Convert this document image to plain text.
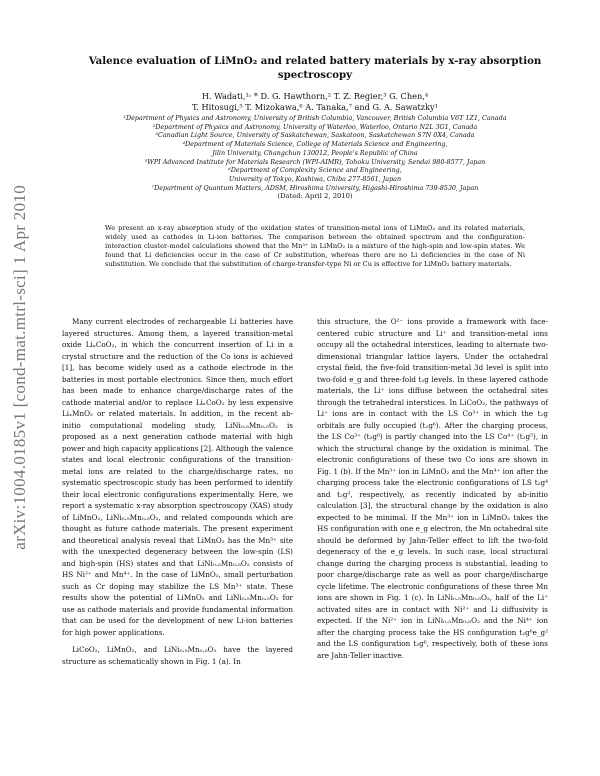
arXiv:1004.0185v1 [cond-mat.mtrl-sci] 1 Apr 2010
Valence evaluation of LiMnO₂ and related battery materials by x-ray absorption
spectroscopy
H. Wadati,¹˒ * D. G. Hawthorn,² T. Z. Regier,³ G. Chen,⁴
T. Hitosugi,⁵ T. Mizokawa,⁶ A. Tanaka,⁷ and G. A. Sawatzky¹
¹Department of Physics and Astronomy, University of British Columbia, Vancouver, British Columbia V6T 1Z1, Canada
²Department of Physics and Astronomy, University of Waterloo, Waterloo, Ontario N2L 3G1, Canada
³Canadian Light Source, University of Saskatchewan, Saskatoon, Saskatchewan S7N 0X4, Canada
⁴Department of Materials Science, College of Materials Science and Engineering,
Jilin University, Changchun 130012, People's Republic of China
⁵WPI Advanced Institute for Materials Research (WPI-AIMR), Tohoku University, Sendai 980-8577, Japan
⁶Department of Complexity Science and Engineering,
University of Tokyo, Kashiwa, Chiba 277-8561, Japan
⁷Department of Quantum Matters, ADSM, Hiroshima University, Higashi-Hiroshima 739-8530, Japan
(Dated: April 2, 2010)
We present an x-ray absorption study of the oxidation states of transition-metal ions of LiMnO₂ and its related materials, widely used as cathodes in Li-ion batteries. The comparison between the obtained spectrum and the configuration-interaction cluster-model calculations showed that the Mn³⁺ in LiMnO₂ is a mixture of the high-spin and low-spin states. We found that Li deficiencies occur in the case of Cr substitution, whereas there are no Li deficiencies in the case of Ni substitution. We conclude that the substitution of charge-transfer-type Ni or Cu is effective for LiMnO₂ battery materials.

Many current electrodes of rechargeable Li batteries have layered structures. Among them, a layered transition-metal oxide LiₓCoO₂, in which the concurrent insertion of Li in a crystal structure and the reduction of the Co ions is achieved [1], has become widely used as a cathode electrode in the batteries in most portable electronics. Since then, much effort has been made to enhance charge/discharge rates of the cathode material and/or to replace LiₓCoO₂ by less expensive LiₓMnO₂ or related materials. In addition, in the recent ab-initio computational modeling study, LiNi₀.₅Mn₀.₅O₂ is proposed as a next generation cathode material with high power and high capacity applications [2]. Although the valence states and local electronic configurations of the transition-metal ions are related to the charge/discharge rates, no systematic spectroscopic study has been performed to identify their local electronic configurations experimentally. Here, we report a systematic x-ray absorption spectroscopy (XAS) study of LiMnO₂, LiNi₀.₅Mn₀.₅O₂, and related compounds which are thought as future cathode materials. The present experiment and theoretical analysis reveal that LiMnO₂ has the Mn³⁺ site with the unexpected degeneracy between the low-spin (LS) and high-spin (HS) states and that LiNi₀.₅Mn₀.₅O₂ consists of HS Ni²⁺ and Mn⁴⁺. In the case of LiMnO₂, small perturbation such as Cr doping may stabilize the LS Mn³⁺ state. These results show the potential of LiMnO₂ and LiNi₀.₅Mn₀.₅O₂ for use as cathode materials and provide fundamental information that can be used for the development of new Li-ion batteries for high power applications.

LiCoO₂, LiMnO₂, and LiNi₀.₅Mn₀.₅O₂ have the layered structure as schematically shown in Fig. 1 (a). In

this structure, the O²⁻ ions provide a framework with face-centered cubic structure and Li⁺ and transition-metal ions occupy all the octahedral interstices, leading to alternate two-dimensional triangular lattice layers. Under the octahedral crystal field, the five-fold transition-metal 3d level is split into two-fold e_g and three-fold t₂g levels. In these layered cathode materials, the Li⁺ ions diffuse between the octahedral sites through the tetrahedral interstices. In LiCoO₂, the pathways of Li⁺ ions are in contact with the LS Co³⁺ in which the t₂g orbitals are fully occupied (t₂g⁶). After the charging process, the LS Co³⁺ (t₂g⁶) is partly changed into the LS Co⁴⁺ (t₂g⁵), in which the structural change by the oxidation is minimal. The electronic configurations of these two Co ions are shown in Fig. 1 (b). If the Mn³⁺ ion in LiMnO₂ and the Mn⁴⁺ ion after the charging process take the electronic configurations of LS t₂g⁴ and t₂g³, respectively, as recently indicated by ab-initio calculation [3], the structural change by the oxidation is also expected to be minimal. If the Mn³⁺ ion in LiMnO₂ takes the HS configuration with one e_g electron, the Mn octahedral site should be deformed by Jahn-Teller effect to lift the two-fold degeneracy of the e_g levels. In such case, local structural change during the charging process is substantial, leading to poor charge/discharge rate as well as poor charge/discharge cycle lifetime. The electronic configurations of these three Mn ions are shown in Fig. 1 (c). In LiNi₀.₅Mn₀.₅O₂, half of the Li⁺ activated sites are in contact with Ni²⁺ and Li diffusivity is expected. If the Ni²⁺ ion in LiNi₀.₅Mn₀.₅O₂ and the Ni⁴⁺ ion after the charging process take the HS configuration t₂g⁶e_g² and the LS configuration t₂g⁶, respectively, both of these ions are Jahn-Teller inactive.
